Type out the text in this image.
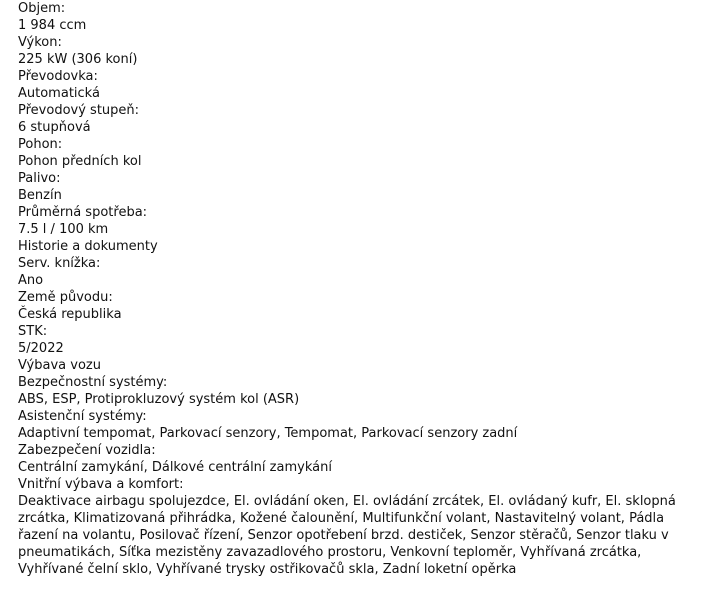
Objem:
1 984 ccm
Výkon:
225 kW (306 koní)
Převodovka:
Automatická
Převodový stupeň:
6 stupňová
Pohon:
Pohon předních kol
Palivo:
Benzín
Průměrná spotřeba:
7.5 l / 100 km
Historie a dokumenty
Serv. knížka:
Ano
Země původu:
Česká republika
STK:
5/2022
Výbava vozu
Bezpečnostní systémy:
ABS, ESP, Protiprokluzový systém kol (ASR)
Asistenční systémy:
Adaptivní tempomat, Parkovací senzory, Tempomat, Parkovací senzory zadní
Zabezpečení vozidla:
Centrální zamykání, Dálkové centrální zamykání
Vnitřní výbava a komfort:
Deaktivace airbagu spolujezdce, El. ovládání oken, El. ovládání zrcátek, El. ovládaný kufr, El. sklopná zrcátka, Klimatizovaná přihrádka, Kožené čalounění, Multifunkční volant, Nastavitelný volant, Pádla řazení na volantu, Posilovač řízení, Senzor opotřebení brzd. destiček, Senzor stěračů, Senzor tlaku v pneumatikách, Síťka mezistěny zavazadlového prostoru, Venkovní teploměr, Vyhřívaná zrcátka, Vyhřívané čelní sklo, Vyhřívané trysky ostřikovačů skla, Zadní loketní opěrka
